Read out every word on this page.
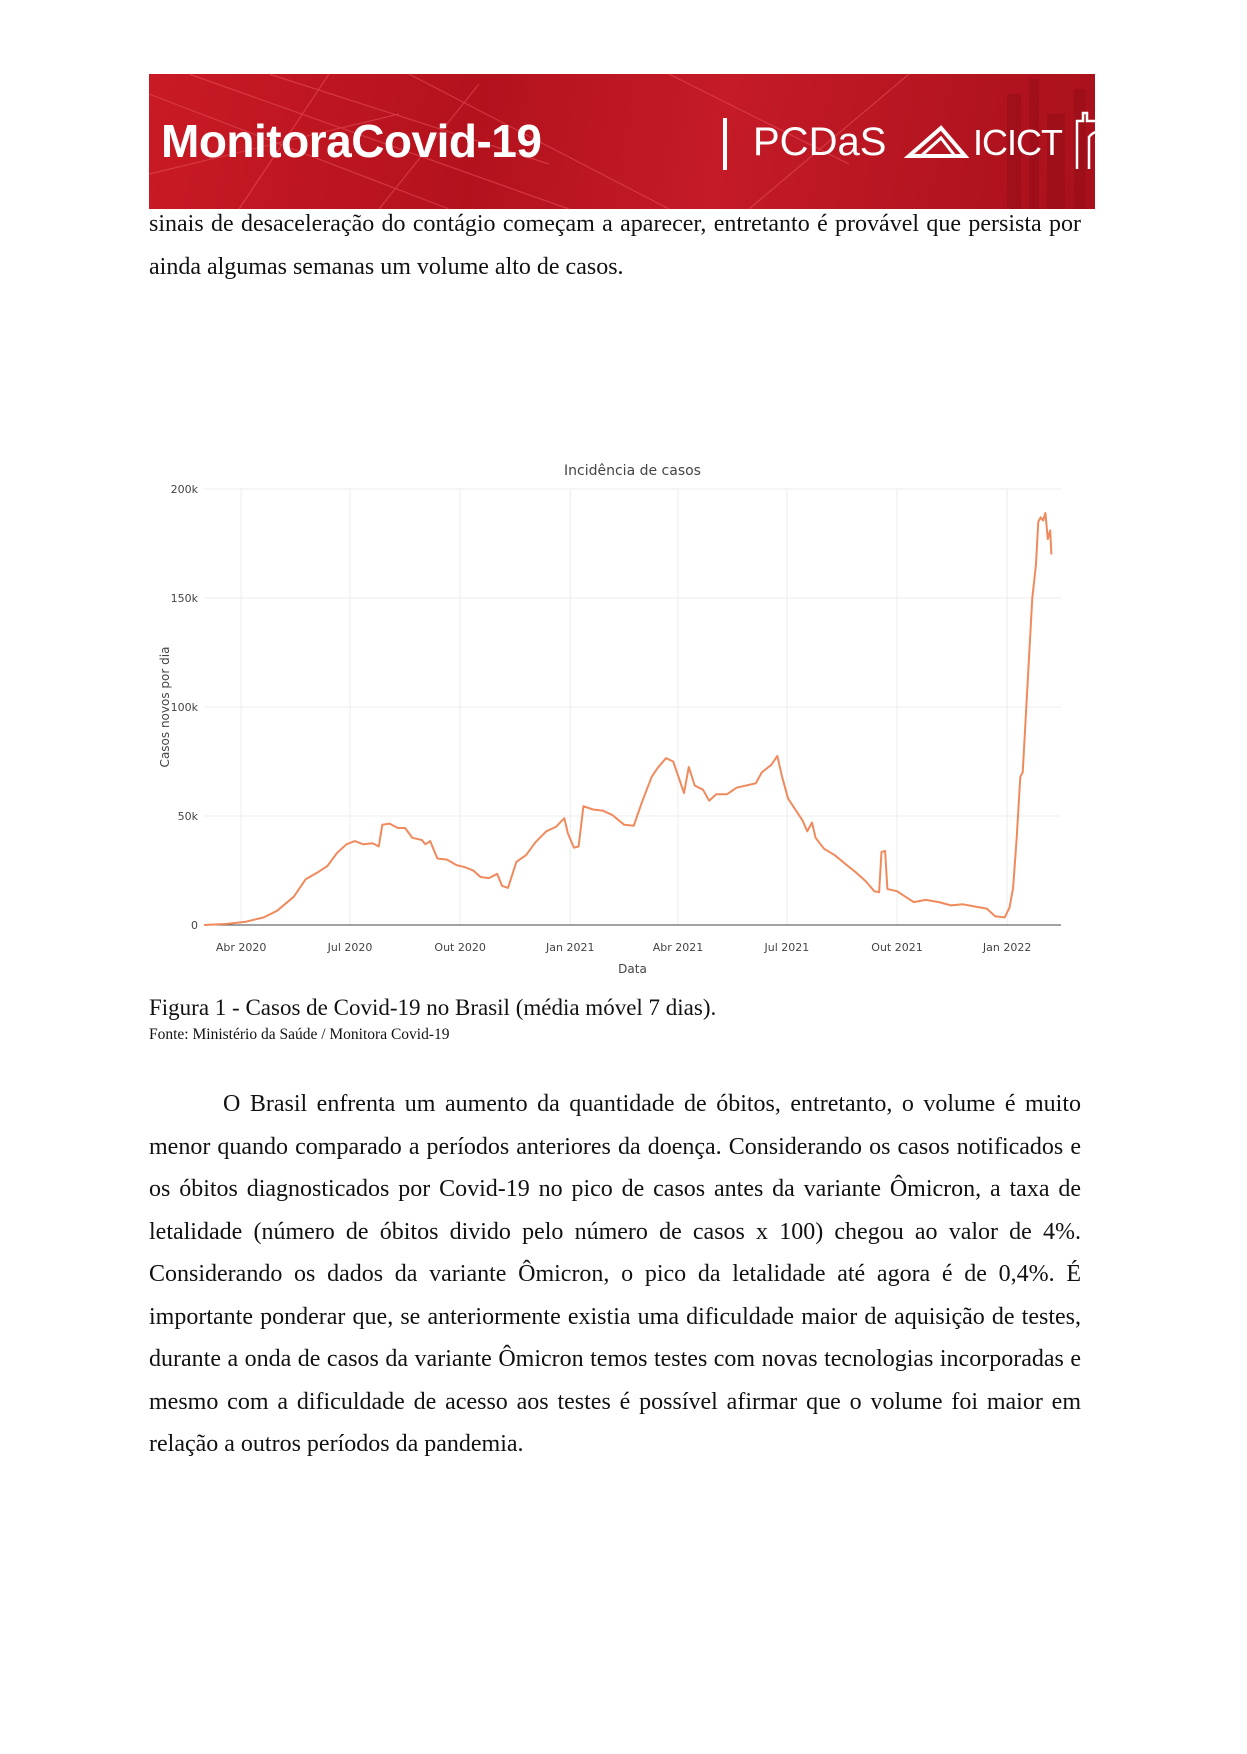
MonitoraCovid-19	PCDaS ICICT FIOCRUZ

sinais de desaceleração do contágio começam a aparecer, entretanto é provável que persista por ainda algumas semanas um volume alto de casos.

0
50k
100k
150k
200k
Abr 2020	Jul 2020	Out 2020	Jan 2021	Abr 2021	Jul 2021	Out 2021	Jan 2022
Incidência de casos
Data
Casos novos por dia
Figura 1 - Casos de Covid-19 no Brasil (média móvel 7 dias).
Fonte: Ministério da Saúde / Monitora Covid-19

O Brasil enfrenta um aumento da quantidade de óbitos, entretanto, o volume é muito menor quando comparado a períodos anteriores da doença. Considerando os casos notificados e os óbitos diagnosticados por Covid-19 no pico de casos antes da variante Ômicron, a taxa de letalidade (número de óbitos divido pelo número de casos x 100) chegou ao valor de 4%. Considerando os dados da variante Ômicron, o pico da letalidade até agora é de 0,4%. É importante ponderar que, se anteriormente existia uma dificuldade maior de aquisição de testes, durante a onda de casos da variante Ômicron temos testes com novas tecnologias incorporadas e mesmo com a dificuldade de acesso aos testes é possível afirmar que o volume foi maior em relação a outros períodos da pandemia.
